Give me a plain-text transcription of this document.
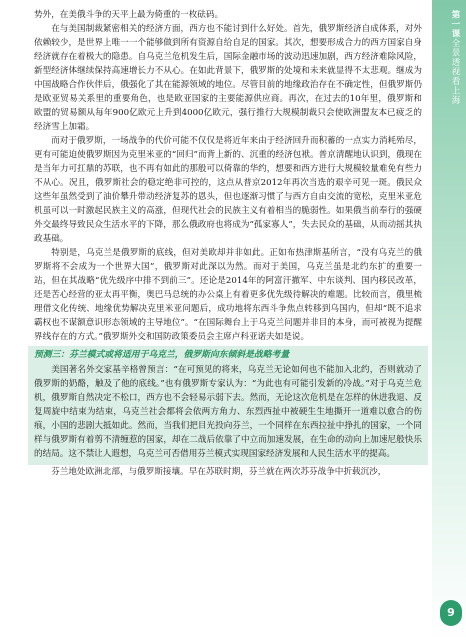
势外，在美俄斗争的天平上最为倚重的一枚砝码。

在与美国制裁紧密相关的经济方面，西方也不能讨到什么好处。首先，俄罗斯经济自成体系，对外依赖较少，是世界上唯一一个能够做到所有资源自给自足的国家。其次，想要形成合力的西方国家自身经济就存在着极大的隐患。自乌克兰危机发生后，国际金融市场的波动迅速加剧，西方经济难除风险，新型经济体继续保持高速增长力不从心。在如此背景下，俄罗斯的处境和未来就显得不太悲观。继成为中国战略合作伙伴后，俄强化了其在能源领域的地位。尽管目前的地缘政治存在不确定性，但俄罗斯仍是欧亚贸易关系里的重要角色，也是欧亚国家的主要能源供应商。再次，在过去的10年里，俄罗斯和欧盟的贸易额从每年900亿欧元上升到4000亿欧元，强行推行大规模制裁只会使欧洲盟友本已疲乏的经济雪上加霜。

而对于俄罗斯，一场战争的代价可能不仅仅是将近年来由于经济回升而积蓄的一点实力消耗殆尽，更有可能迫使俄罗斯因为克里米亚的“回归”而背上新的、沉重的经济包袱。普京清醒地认识到，俄现在是当年力可扛鼎的苏联，也不再有如此的那般可以倚靠的华约，想要和西方进行大规模较量难免有些力不从心。况且，俄罗斯社会的稳定绝非可控的，这点从普京2012年再次当选的艰辛可见一斑。俄民众这些年虽然受到了油价攀升带动经济复苏的恩头，但也逐渐习惯了与西方自由交流的宽松，克里米亚危机虽可以一时激起民族主义的高涨，但现代社会的民族主义有着相当的脆弱性。如果俄当前奉行的强硬外交最终导致民众生活水平的下降，那么俄政府也将成为“孤家寡人”，失去民众的基础，从而动摇其执政基础。

特别是，乌克兰是俄罗斯的底线，但对美欧却并非如此。正如布热津斯基所言，“没有乌克兰的俄罗斯将不会成为一个世界大国”，俄罗斯对此深以为然。而对于美国，乌克兰虽是北约东扩的重要一站，但在其战略“优先级序中排不到前三”。还论是2014年的阿富汗撤军、中东谈判、国内移民改革，还是苦心经营的亚太再平衡，奥巴马总统的办公桌上有着更多优先级待解决的难题。比较而言，俄里梳理借文化传统、地缘优势解决克里米亚问题后，成功地将东西斗争焦点转移到乌国内，但却“既不追求霸权也不谋额意识形态领域的主导地位”。“在国际舞台上于乌克兰问题并非目的本身，而可被视为提醒界线存在的方式。”俄罗斯外交和国防政策委员会主席卢科亚诺夫如是说。

预测三：芬兰模式或将适用于乌克兰，俄罗斯向东倾斜是战略考量

美国著名外交家基辛格曾预言：“在可预见的将来，乌克兰无论如何也不能加入北约，否则就动了俄罗斯的奶酪，触及了他的底线。”也有俄罗斯专家认为：“为此也有可能引发新的冷战。”对于乌克兰危机，俄罗斯自然决定不松口，西方也不会轻易示弱下去。然而，无论这次危机是在怎样的休进我退、反复周旋中结束为结束，乌克兰社会都将会依两方角力、东烈西扯中被硬生生地撕开一道难以愈合的伤痕，小国的悲剧大抵如此。然而，当我们把目光投向芬兰，一个同样在东西拉扯中挣扎的国家，一个同样与俄罗斯有着剪不清缠惹的国家，却在二战后依靠了中立而加速发展，在生命的动向上加速尼般快乐的结局。这不禁让人遐想，乌克兰可否借用芬兰模式实现国家经济发展和人民生活水平的提高。

芬兰地处欧洲北部，与俄罗斯接壤。早在苏联时期，芬兰就在两次苏芬战争中折载沉沙，

第一课全景透视看上海
9
